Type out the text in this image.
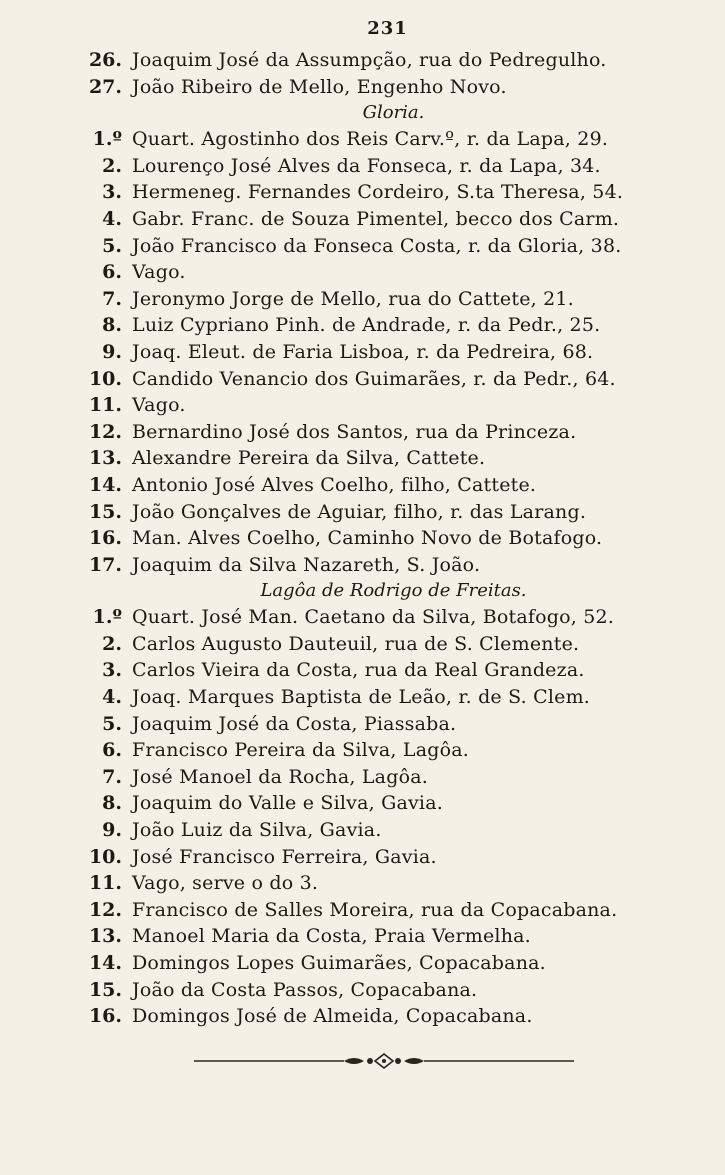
231
26. Joaquim José da Assumpção, rua do Pedregulho.
27. João Ribeiro de Mello, Engenho Novo.
Gloria.
1.º Quart. Agostinho dos Reis Carv.º, r. da Lapa, 29.
2. Lourenço José Alves da Fonseca, r. da Lapa, 34.
3. Hermeneg. Fernandes Cordeiro, S.ta Theresa, 54.
4. Gabr. Franc. de Souza Pimentel, becco dos Carm.
5. João Francisco da Fonseca Costa, r. da Gloria, 38.
6. Vago.
7. Jeronymo Jorge de Mello, rua do Cattete, 21.
8. Luiz Cypriano Pinh. de Andrade, r. da Pedr., 25.
9. Joaq. Eleut. de Faria Lisboa, r. da Pedreira, 68.
10. Candido Venancio dos Guimarães, r. da Pedr., 64.
11. Vago.
12. Bernardino José dos Santos, rua da Princeza.
13. Alexandre Pereira da Silva, Cattete.
14. Antonio José Alves Coelho, filho, Cattete.
15. João Gonçalves de Aguiar, filho, r. das Larang.
16. Man. Alves Coelho, Caminho Novo de Botafogo.
17. Joaquim da Silva Nazareth, S. João.
Lagôa de Rodrigo de Freitas.
1.º Quart. José Man. Caetano da Silva, Botafogo, 52.
2. Carlos Augusto Dauteuil, rua de S. Clemente.
3. Carlos Vieira da Costa, rua da Real Grandeza.
4. Joaq. Marques Baptista de Leão, r. de S. Clem.
5. Joaquim José da Costa, Piassaba.
6. Francisco Pereira da Silva, Lagôa.
7. José Manoel da Rocha, Lagôa.
8. Joaquim do Valle e Silva, Gavia.
9. João Luiz da Silva, Gavia.
10. José Francisco Ferreira, Gavia.
11. Vago, serve o do 3.
12. Francisco de Salles Moreira, rua da Copacabana.
13. Manoel Maria da Costa, Praia Vermelha.
14. Domingos Lopes Guimarães, Copacabana.
15. João da Costa Passos, Copacabana.
16. Domingos José de Almeida, Copacabana.
